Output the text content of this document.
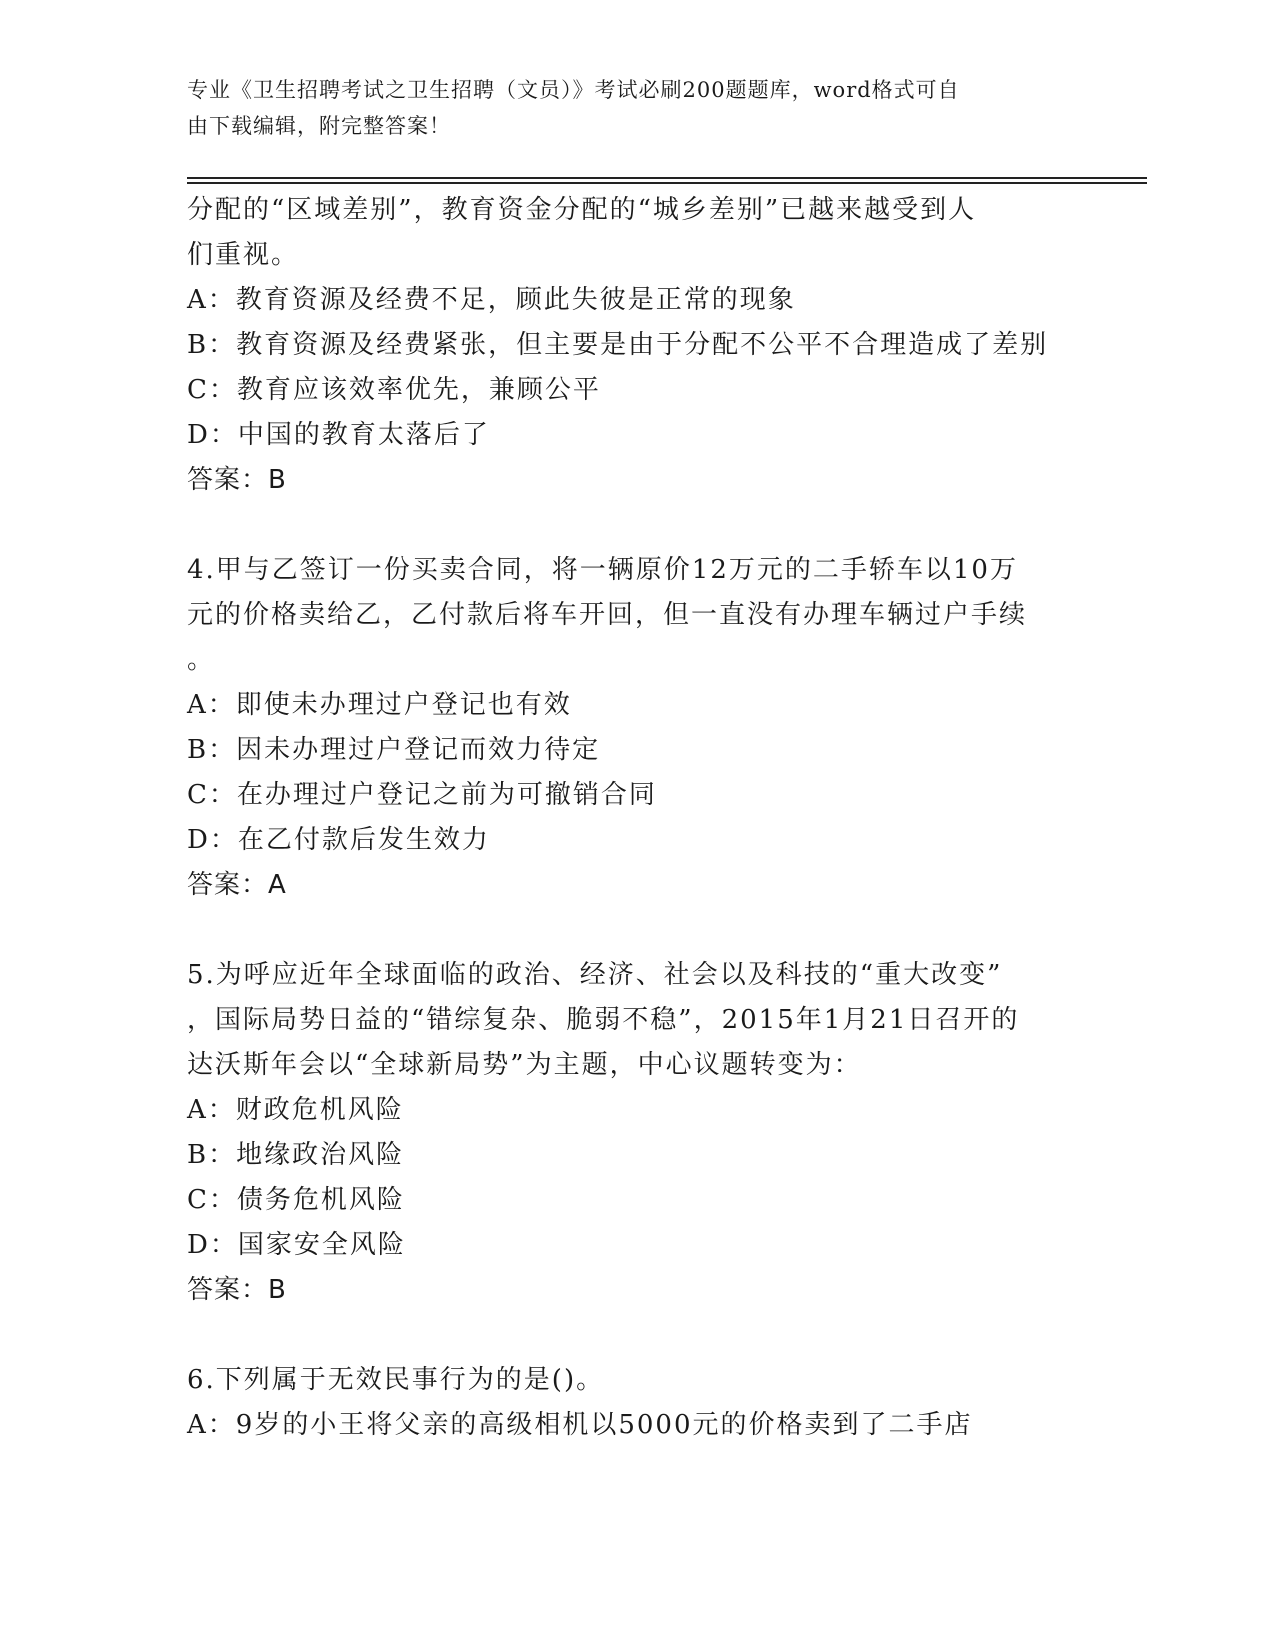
专业《卫生招聘考试之卫生招聘（文员）》考试必刷200题题库，word格式可自
由下载编辑，附完整答案！
分配的“区域差别”，教育资金分配的“城乡差别”已越来越受到人
们重视。
A：教育资源及经费不足，顾此失彼是正常的现象
B：教育资源及经费紧张，但主要是由于分配不公平不合理造成了差别
C：教育应该效率优先，兼顾公平
D：中国的教育太落后了
答案：B
4.甲与乙签订一份买卖合同，将一辆原价12万元的二手轿车以10万
元的价格卖给乙，乙付款后将车开回，但一直没有办理车辆过户手续
。
A：即使未办理过户登记也有效
B：因未办理过户登记而效力待定
C：在办理过户登记之前为可撤销合同
D：在乙付款后发生效力
答案：A
5.为呼应近年全球面临的政治、经济、社会以及科技的“重大改变”
，国际局势日益的“错综复杂、脆弱不稳”，2015年1月21日召开的
达沃斯年会以“全球新局势”为主题，中心议题转变为：
A：财政危机风险
B：地缘政治风险
C：债务危机风险
D：国家安全风险
答案：B
6.下列属于无效民事行为的是()。
A：9岁的小王将父亲的高级相机以5000元的价格卖到了二手店
